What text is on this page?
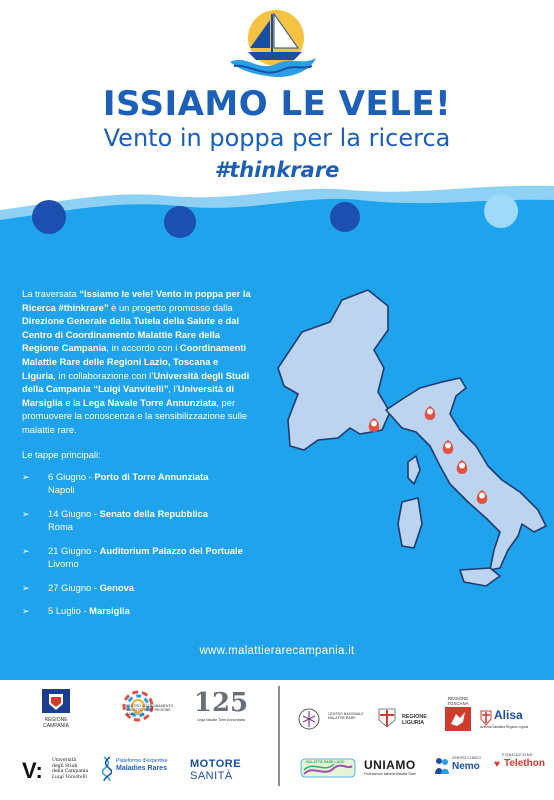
ISSIAMO LE VELE!
Vento in poppa per la ricerca
#thinkrare
La traversata “Issiamo le vele! Vento in poppa per la Ricerca #thinkrare” è un progetto promosso dalla Direzione Generale della Tutela della Salute e dal Centro di Coordinamento Malattie Rare della Regione Campania, in accordo con i Coordinamenti Malattie Rare delle Regioni Lazio, Toscana e Liguria, in collaborazione con l’Università degli Studi della Campania “Luigi Vanvitelli”, l’Università di Marsiglia e la Lega Navale Torre Annunziata, per promuovere la conoscenza e la sensibilizzazione sulle malattie rare.
Le tappe principali:
➢ 6 Giugno - Porto di Torre Annunziata
Napoli
➢ 14 Giugno - Senato della Repubblica
Roma
➢ 21 Giugno - Auditorium Palazzo del Portuale
Livorno
➢ 27 Giugno - Genova
➢ 5 Luglio - Marsiglia
www.malattierarecampania.it
REGIONE CAMPANIA
CENTRO COORDINAMENTO MALATTIE RARE REGIONE CAMPANIA	125
Lega Navale Torre Annunziata
V: Università
degli Studi
della Campania
Luigi Vanvitelli
Plateforme d'expertise
Maladies Rares MOTORE
SANITÀ
CENTRO NAZIONALE MALATTIE RARE	REGIONE LIGURIA
REGIONE TOSCANA
Alisa
Azienda Sanitaria Regione Liguria
MALATTIE RARE LAZIO UNIAMO
Federazione Italiana Malattie Rare
CENTRO CLINICO
Nemo
FONDAZIONE
♥ Telethon
